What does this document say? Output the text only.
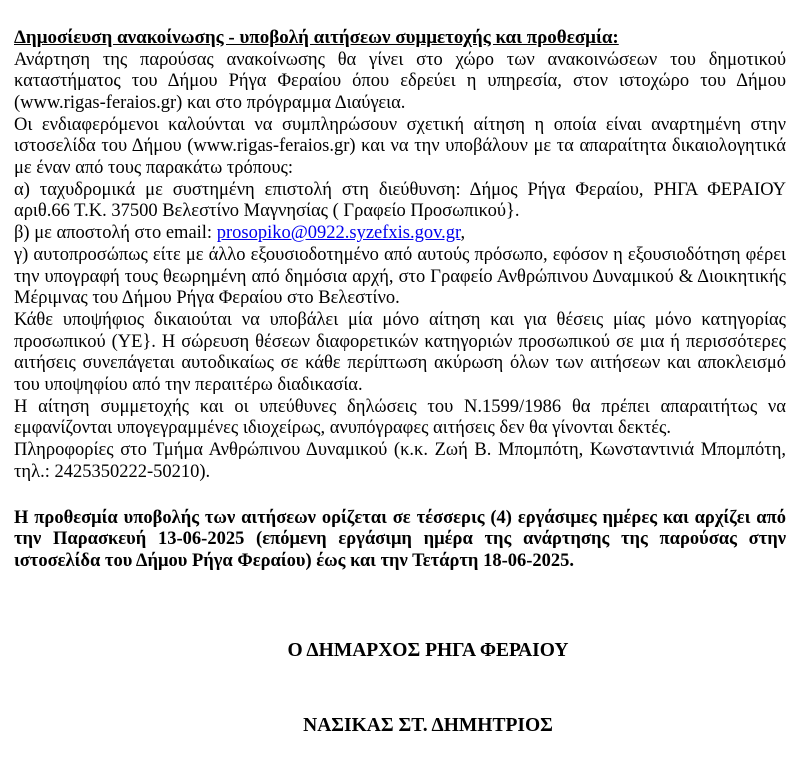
Δημοσίευση ανακοίνωσης - υποβολή αιτήσεων συμμετοχής και προθεσμία:

Ανάρτηση της παρούσας ανακοίνωσης θα γίνει στο χώρο των ανακοινώσεων του δημοτικού καταστήματος του Δήμου Ρήγα Φεραίου όπου εδρεύει η υπηρεσία, στον ιστοχώρο του Δήμου (www.rigas-feraios.gr) και στο πρόγραμμα Διαύγεια.

Οι ενδιαφερόμενοι καλούνται να συμπληρώσουν σχετική αίτηση η οποία είναι αναρτημένη στην ιστοσελίδα του Δήμου (www.rigas-feraios.gr) και να την υποβάλουν με τα απαραίτητα δικαιολογητικά με έναν από τους παρακάτω τρόπους:

α) ταχυδρομικά με συστημένη επιστολή στη διεύθυνση: Δήμος Ρήγα Φεραίου, ΡΗΓΑ ΦΕΡΑΙΟΥ αριθ.66 Τ.Κ. 37500 Βελεστίνο Μαγνησίας ( Γραφείο Προσωπικού}.

β) με αποστολή στο email: prosopiko@0922.syzefxis.gov.gr,

γ) αυτοπροσώπως είτε με άλλο εξουσιοδοτημένο από αυτούς πρόσωπο, εφόσον η εξουσιοδότηση φέρει την υπογραφή τους θεωρημένη από δημόσια αρχή, στο Γραφείο Ανθρώπινου Δυναμικού & Διοικητικής Μέριμνας του Δήμου Ρήγα Φεραίου στο Βελεστίνο.

Κάθε υποψήφιος δικαιούται να υποβάλει μία μόνο αίτηση και για θέσεις μίας μόνο κατηγορίας προσωπικού (ΥΕ}. Η σώρευση θέσεων διαφορετικών κατηγοριών προσωπικού σε μια ή περισσότερες αιτήσεις συνεπάγεται αυτοδικαίως σε κάθε περίπτωση ακύρωση όλων των αιτήσεων και αποκλεισμό του υποψηφίου από την περαιτέρω διαδικασία.

Η αίτηση συμμετοχής και οι υπεύθυνες δηλώσεις του Ν.1599/1986 θα πρέπει απαραιτήτως να εμφανίζονται υπογεγραμμένες ιδιοχείρως, ανυπόγραφες αιτήσεις δεν θα γίνονται δεκτές.

Πληροφορίες στο Τμήμα Ανθρώπινου Δυναμικού (κ.κ. Ζωή Β. Μπομπότη, Κωνσταντινιά Μπομπότη, τηλ.: 2425350222-50210).

Η προθεσμία υποβολής των αιτήσεων ορίζεται σε τέσσερις (4) εργάσιμες ημέρες και αρχίζει από την Παρασκευή 13-06-2025 (επόμενη εργάσιμη ημέρα της ανάρτησης της παρούσας στην ιστοσελίδα του Δήμου Ρήγα Φεραίου) έως και την Τετάρτη 18-06-2025.

Ο ΔΗΜΑΡΧΟΣ ΡΗΓΑ ΦΕΡΑΙΟΥ

ΝΑΣΙΚΑΣ ΣΤ. ΔΗΜΗΤΡΙΟΣ
